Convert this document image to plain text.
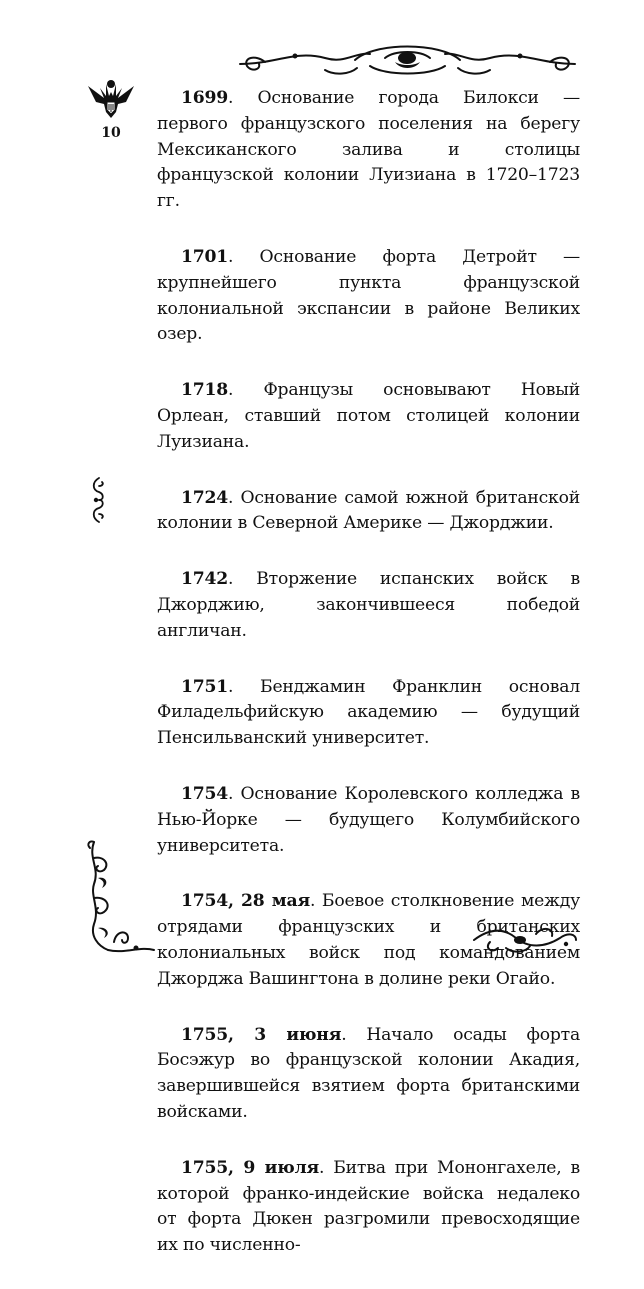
10

1699. Основание города Билокси — первого французского поселения на берегу Мексиканского залива и столицы французской колонии Луизиана в 1720–1723 гг.

1701. Основание форта Детройт — крупнейшего пункта французской колониальной экспансии в районе Великих озер.

1718. Французы основывают Новый Орлеан, ставший потом столицей колонии Луизиана.

1724. Основание самой южной британской колонии в Северной Америке — Джорджии.

1742. Вторжение испанских войск в Джорджию, закончившееся победой англичан.

1751. Бенджамин Франклин основал Филадельфийскую академию — будущий Пенсильванский университет.

1754. Основание Королевского колледжа в Нью-Йорке — будущего Колумбийского университета.

1754, 28 мая. Боевое столкновение между отрядами французских и британских колониальных войск под командованием Джорджа Вашингтона в долине реки Огайо.

1755, 3 июня. Начало осады форта Босэжур во французской колонии Акадия, завершившейся взятием форта британскими войсками.

1755, 9 июля. Битва при Мононгахеле, в которой франко-индейские войска недалеко от форта Дюкен разгромили превосходящие их по численно-
